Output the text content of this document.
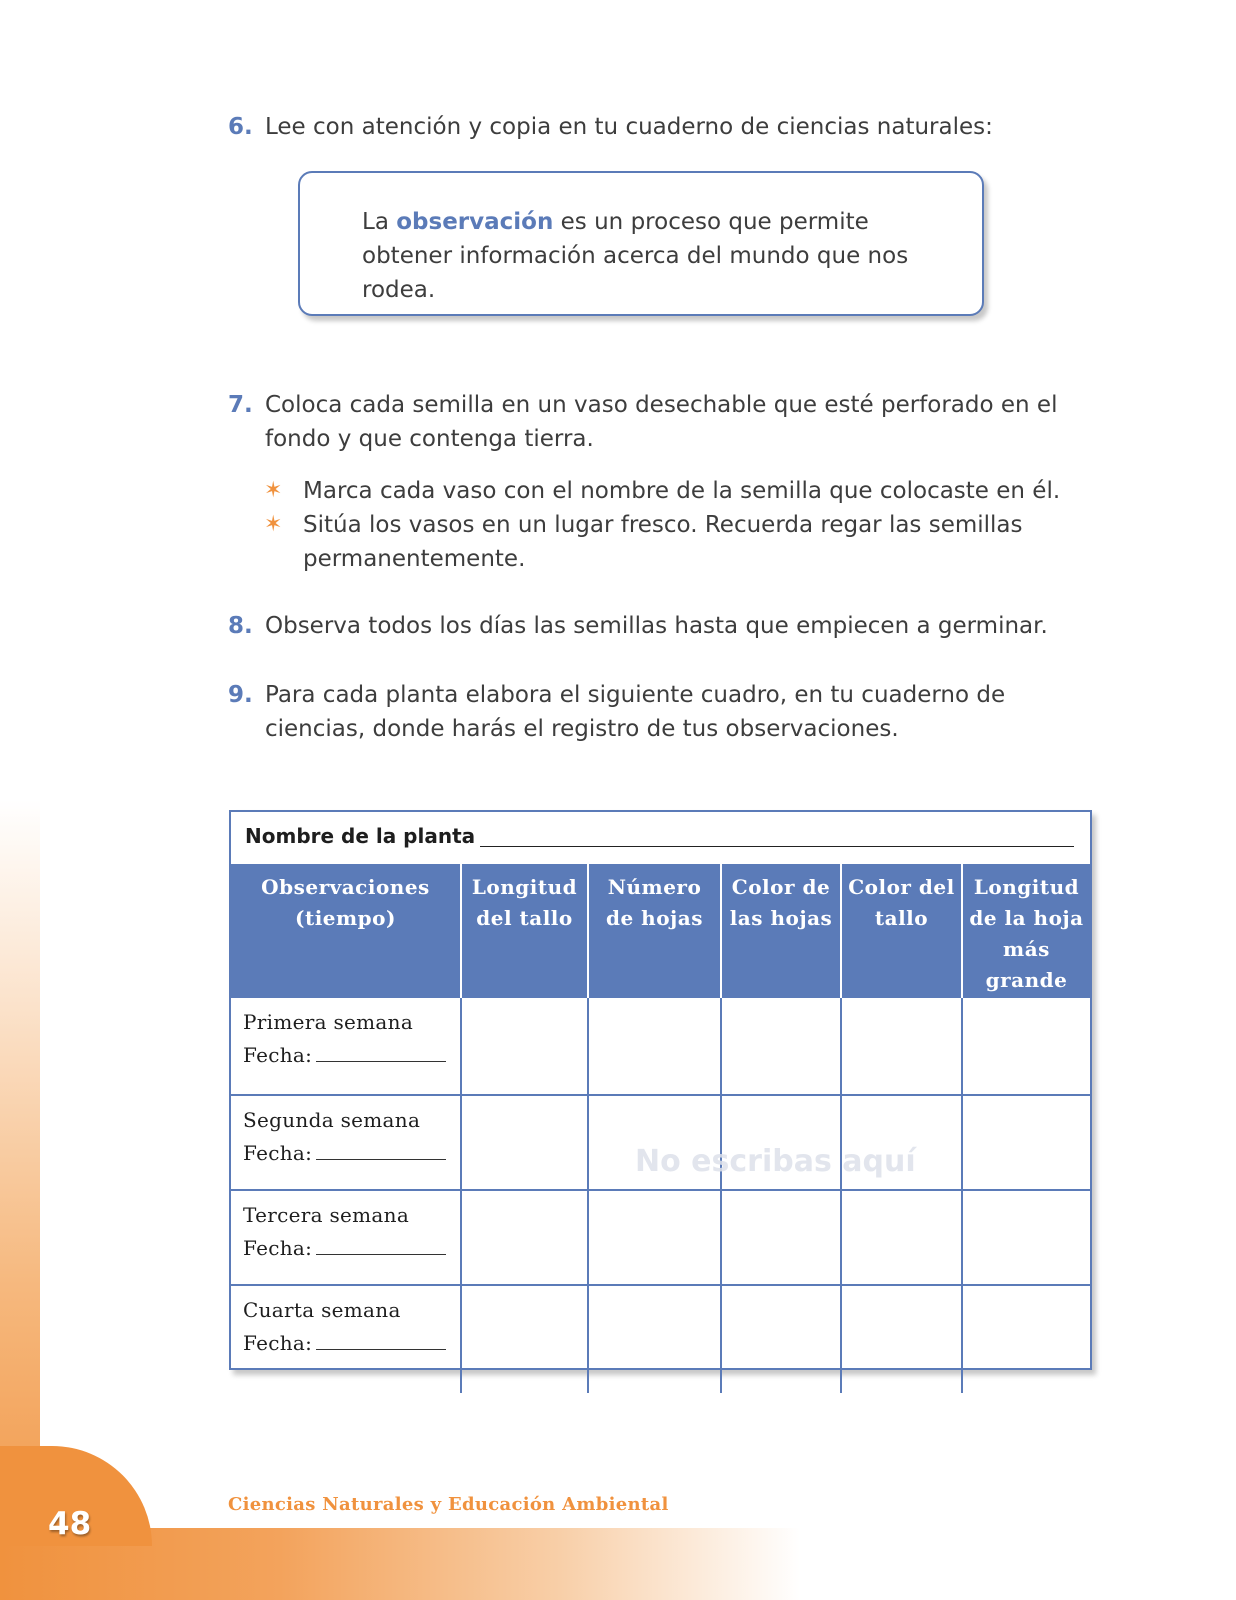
48
Ciencias Naturales y Educación Ambiental
6. Lee con atención y copia en tu cuaderno de ciencias naturales:
La observación es un proceso que permite obtener información acerca del mundo que nos rodea.
7. Coloca cada semilla en un vaso desechable que esté perforado en el fondo y que contenga tierra.
✶ Marca cada vaso con el nombre de la semilla que colocaste en él.
✶ Sitúa los vasos en un lugar fresco. Recuerda regar las semillas permanentemente.
8. Observa todos los días las semillas hasta que empiecen a germinar.
9. Para cada planta elabora el siguiente cuadro, en tu cuaderno de ciencias, donde harás el registro de tus observaciones.
Nombre de la planta
Observaciones (tiempo)	Longitud del tallo	Número de hojas	Color de las hojas	Color del tallo	Longitud de la hoja más grande

Primera semana
Fecha:					

Segunda semana
Fecha:					

Tercera semana
Fecha:					

Cuarta semana
Fecha:					

No escribas aquí
